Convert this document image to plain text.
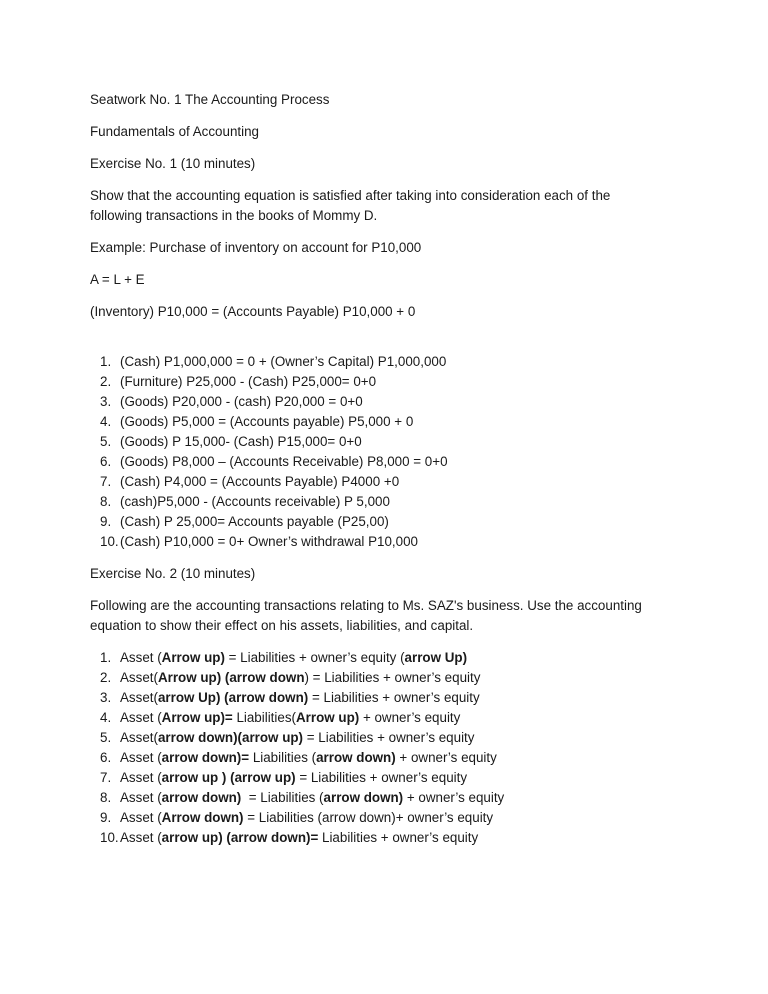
Seatwork No. 1 The Accounting Process

Fundamentals of Accounting

Exercise No. 1 (10 minutes)

Show that the accounting equation is satisfied after taking into consideration each of the following transactions in the books of Mommy D.

Example: Purchase of inventory on account for P10,000

A = L + E

(Inventory) P10,000 = (Accounts Payable) P10,000 + 0

1. (Cash) P1,000,000 = 0 + (Owner’s Capital) P1,000,000
2. (Furniture) P25,000 - (Cash) P25,000= 0+0
3. (Goods) P20,000 - (cash) P20,000 = 0+0
4. (Goods) P5,000 = (Accounts payable) P5,000 + 0
5. (Goods) P 15,000- (Cash) P15,000= 0+0
6. (Goods) P8,000 – (Accounts Receivable) P8,000 = 0+0
7. (Cash) P4,000 = (Accounts Payable) P4000 +0
8. (cash)P5,000 - (Accounts receivable) P 5,000
9. (Cash) P 25,000= Accounts payable (P25,00)
10. (Cash) P10,000 = 0+ Owner’s withdrawal P10,000

Exercise No. 2 (10 minutes)

Following are the accounting transactions relating to Ms. SAZ's business. Use the accounting equation to show their effect on his assets, liabilities, and capital.

1. Asset (Arrow up) = Liabilities + owner’s equity (arrow Up)
2. Asset(Arrow up) (arrow down) = Liabilities + owner’s equity
3. Asset(arrow Up) (arrow down) = Liabilities + owner’s equity
4. Asset (Arrow up)= Liabilities(Arrow up) + owner’s equity
5. Asset(arrow down)(arrow up) = Liabilities + owner’s equity
6. Asset (arrow down)= Liabilities (arrow down) + owner’s equity
7. Asset (arrow up ) (arrow up) = Liabilities + owner’s equity
8. Asset (arrow down)  = Liabilities (arrow down) + owner’s equity
9. Asset (Arrow down) = Liabilities (arrow down)+ owner’s equity
10. Asset (arrow up) (arrow down)= Liabilities + owner’s equity
